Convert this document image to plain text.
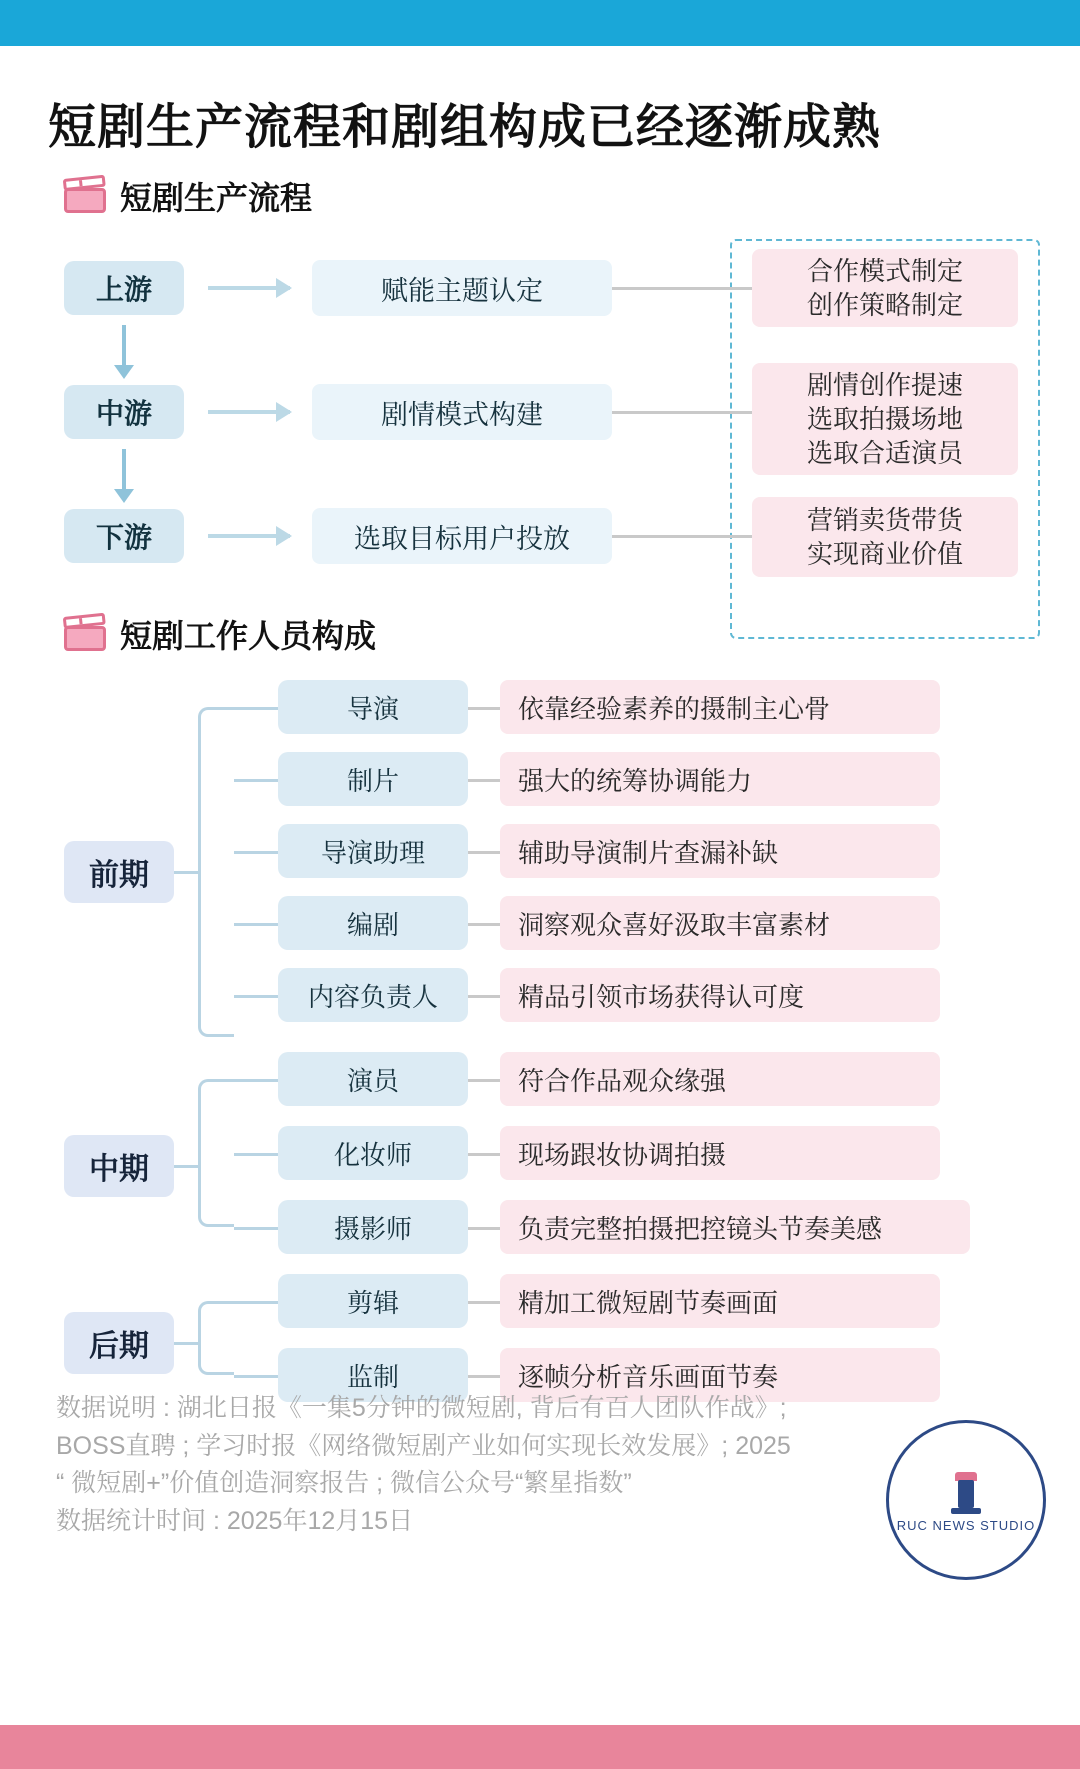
短剧生产流程和剧组构成已经逐渐成熟
短剧生产流程
上游	赋能主题认定
合作模式制定
创作策略制定
中游	剧情模式构建
剧情创作提速
选取拍摄场地
选取合适演员
下游	选取目标用户投放
营销卖货带货
实现商业价值
短剧工作人员构成
前期
导演	依靠经验素养的摄制主心骨
制片	强大的统筹协调能力
导演助理	辅助导演制片查漏补缺
编剧	洞察观众喜好汲取丰富素材
内容负责人	精品引领市场获得认可度
中期
演员	符合作品观众缘强
化妆师	现场跟妆协调拍摄
摄影师	负责完整拍摄把控镜头节奏美感
后期
剪辑	精加工微短剧节奏画面
监制	逐帧分析音乐画面节奏
数据说明 : 湖北日报《一集5分钟的微短剧, 背后有百人团队作战》;
BOSS直聘 ; 学习时报《网络微短剧产业如何实现长效发展》; 2025
“ 微短剧+”价值创造洞察报告 ; 微信公众号“繁星指数”
数据统计时间 : 2025年12月15日	RUC NEWS STUDIO
